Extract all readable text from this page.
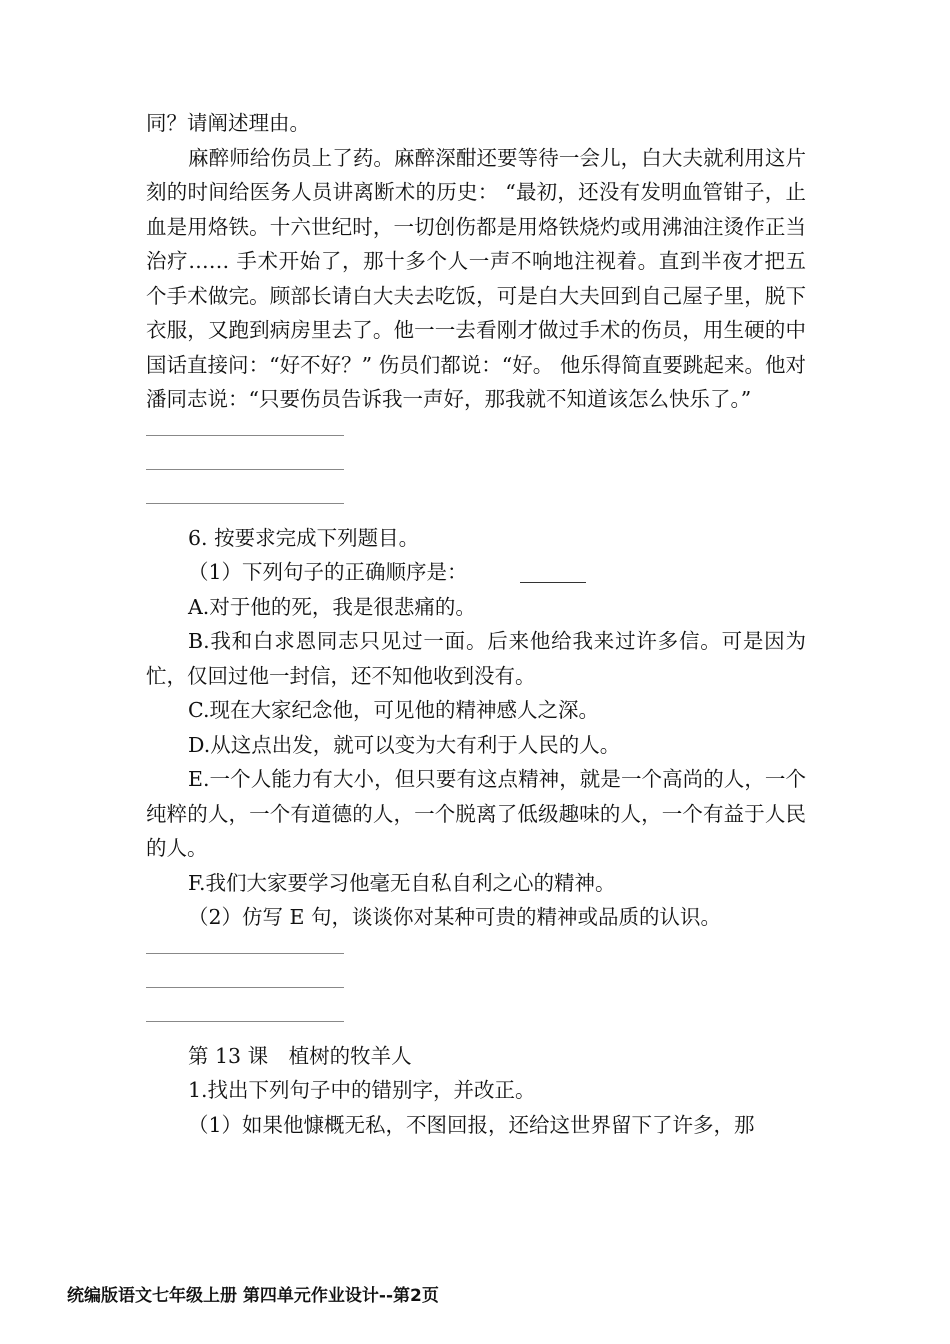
同？请阐述理由。

麻醉师给伤员上了药。麻醉深酣还要等待一会儿，白大夫就利用这片刻的时间给医务人员讲离断术的历史： “最初，还没有发明血管钳子，止血是用烙铁。十六世纪时，一切创伤都是用烙铁烧灼或用沸油注烫作正当治疗…… 手术开始了，那十多个人一声不响地注视着。直到半夜才把五个手术做完。顾部长请白大夫去吃饭，可是白大夫回到自己屋子里，脱下衣服，又跑到病房里去了。他一一去看刚才做过手术的伤员，用生硬的中国话直接问：“好不好？” 伤员们都说：“好。 他乐得简直要跳起来。他对潘同志说：“只要伤员告诉我一声好，那我就不知道该怎么快乐了。”

6. 按要求完成下列题目。

（1）下列句子的正确顺序是：

A.对于他的死，我是很悲痛的。

B.我和白求恩同志只见过一面。后来他给我来过许多信。可是因为忙，仅回过他一封信，还不知他收到没有。

C.现在大家纪念他，可见他的精神感人之深。

D.从这点出发，就可以变为大有利于人民的人。

E.一个人能力有大小，但只要有这点精神，就是一个高尚的人，一个纯粹的人，一个有道德的人，一个脱离了低级趣味的人，一个有益于人民的人。

F.我们大家要学习他毫无自私自利之心的精神。

（2）仿写 E 句，谈谈你对某种可贵的精神或品质的认识。

第 13 课　植树的牧羊人

1.找出下列句子中的错别字，并改正。

（1）如果他慷概无私，不图回报，还给这世界留下了许多，那

统编版语文七年级上册 第四单元作业设计--第2页
